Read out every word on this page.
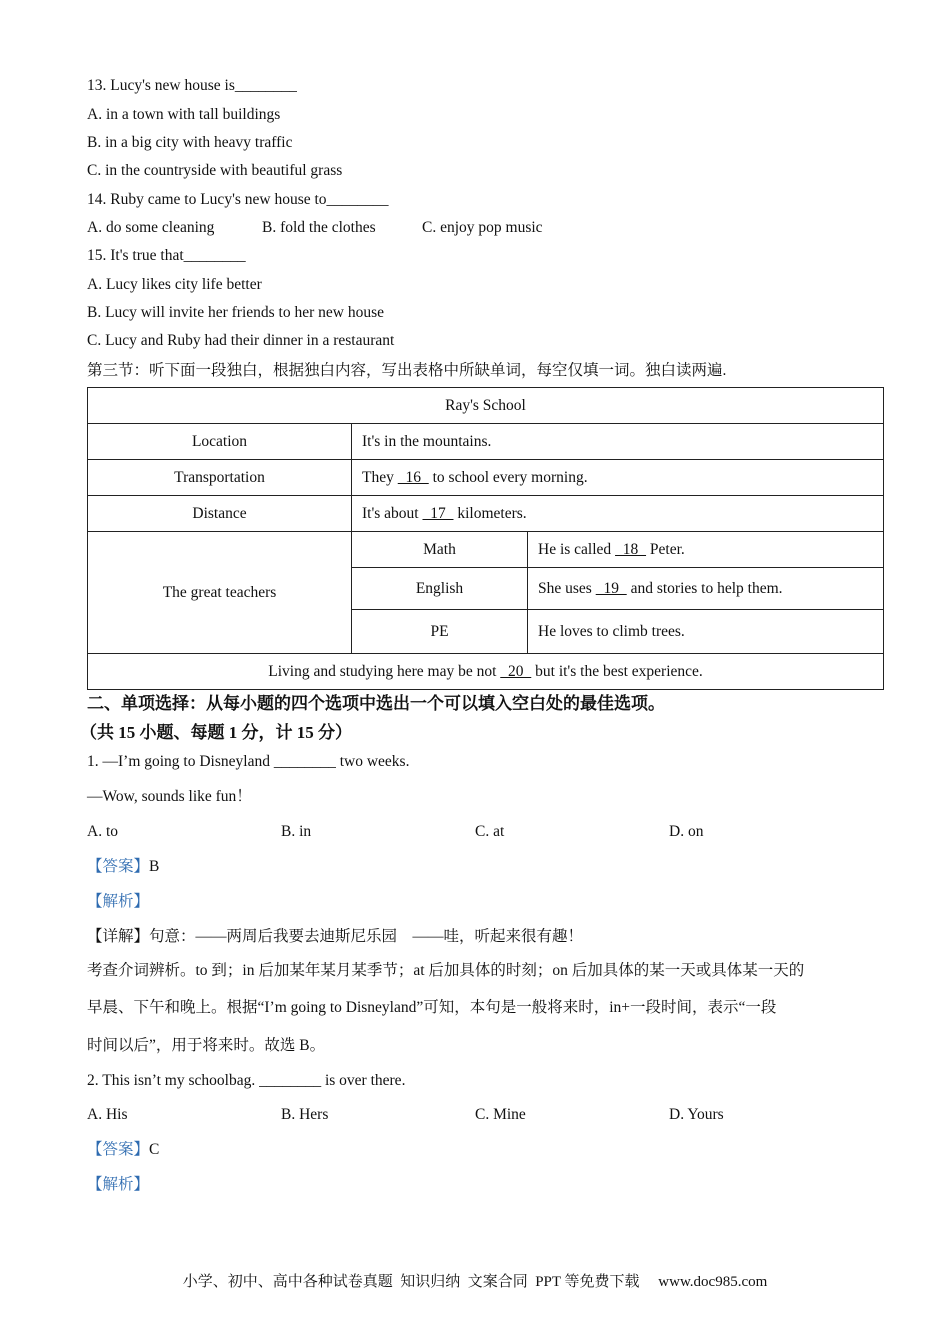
13. Lucy's new house is________
A. in a town with tall buildings
B. in a big city with heavy traffic
C. in the countryside with beautiful grass
14. Ruby came to Lucy's new house to________
A. do some cleaning	B. fold the clothes	C. enjoy pop music
15. It's true that________
A. Lucy likes city life better
B. Lucy will invite her friends to her new house
C. Lucy and Ruby had their dinner in a restaurant
第三节：听下面一段独白，根据独白内容，写出表格中所缺单词，每空仅填一词。独白读两遍.
Ray's School		
Location	It's in the mountains.	
Transportation	They   16   to school every morning.	
Distance	It's about   17   kilometers.	
The great teachers	Math	He is called   18   Peter.
	English	She uses   19   and stories to help them.
	PE	He loves to climb trees.
Living and studying here may be not   20   but it's the best experience.		
二、单项选择：从每小题的四个选项中选出一个可以填入空白处的最佳选项。
（共 15 小题、每题 1 分，计 15 分）
1. —I’m going to Disneyland ________ two weeks.
—Wow, sounds like fun！
A. to	B. in	C. at	D. on
【答案】B
【解析】
【详解】句意：——两周后我要去迪斯尼乐园　——哇，听起来很有趣！
考查介词辨析。to 到；in 后加某年某月某季节；at 后加具体的时刻；on 后加具体的某一天或具体某一天的
早晨、下午和晚上。根据“I’m going to Disneyland”可知，本句是一般将来时，in+一段时间，表示“一段
时间以后”，用于将来时。故选 B。
2. This isn’t my schoolbag. ________ is over there.
A. His	B. Hers	C. Mine	D. Yours
【答案】C
【解析】
小学、初中、高中各种试卷真题  知识归纳  文案合同  PPT 等免费下载     www.doc985.com
